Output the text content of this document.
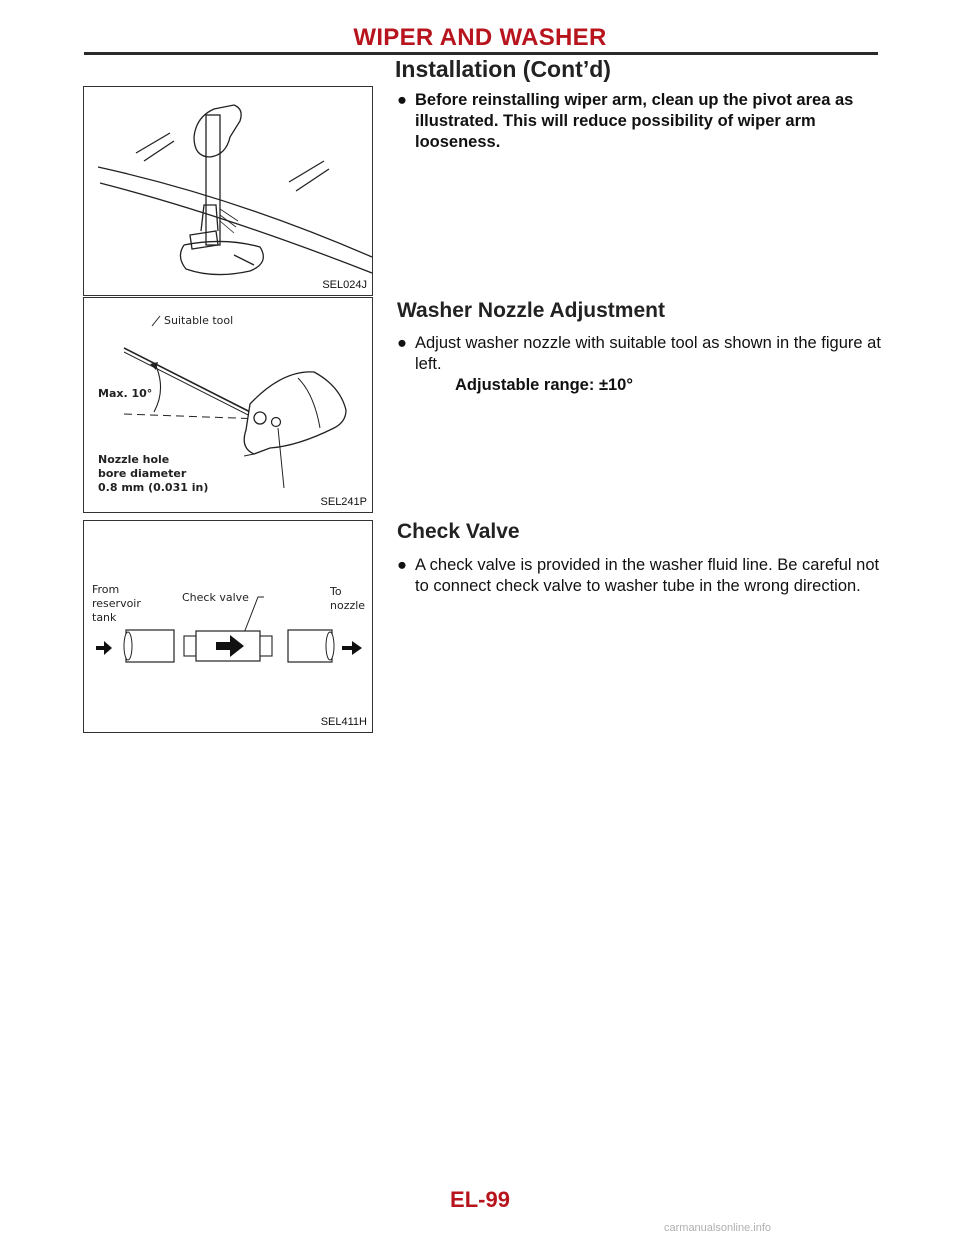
WIPER AND WASHER
Installation (Cont’d)
SEL024J
Suitable tool
Max. 10°
Nozzle hole
bore diameter
0.8 mm (0.031 in)
SEL241P
From
reservoir
tank
Check valve	To
nozzle
SEL411H
● Before reinstalling wiper arm, clean up the pivot area as illustrated. This will reduce possibility of wiper arm looseness.
Washer Nozzle Adjustment
● Adjust washer nozzle with suitable tool as shown in the figure at left.
Adjustable range: ±10°
Check Valve
● A check valve is provided in the washer fluid line. Be careful not to connect check valve to washer tube in the wrong direction.
EL-99
carmanualsonline.info
